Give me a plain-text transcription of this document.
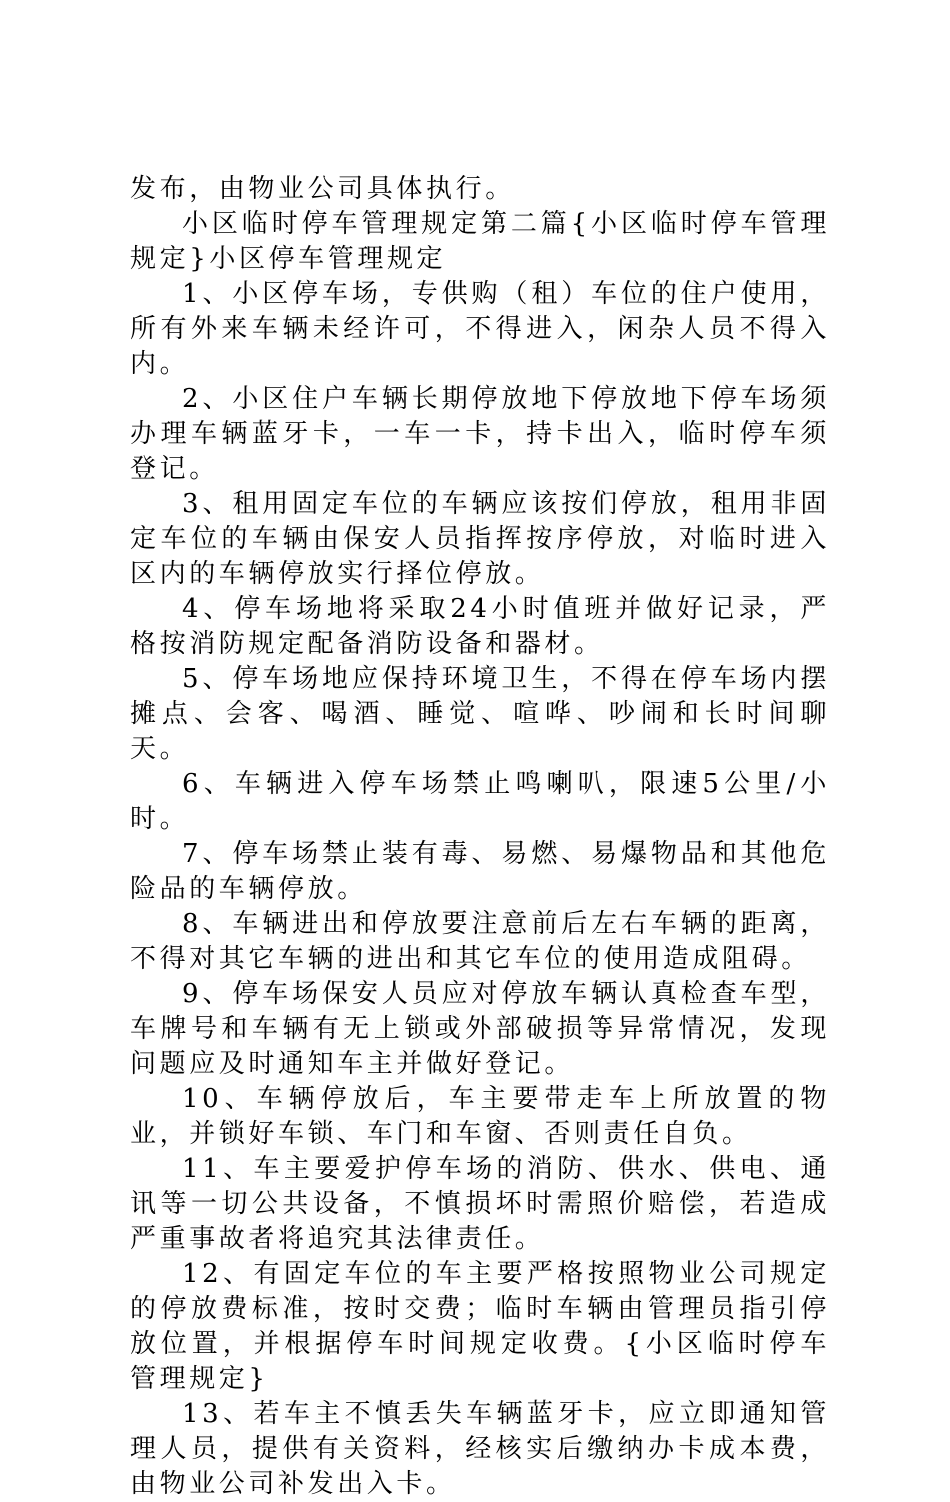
发布，由物业公司具体执行。

小区临时停车管理规定第二篇{小区临时停车管理规定}小区停车管理规定

1、小区停车场，专供购（租）车位的住户使用，所有外来车辆未经许可，不得进入，闲杂人员不得入内。

2、小区住户车辆长期停放地下停放地下停车场须办理车辆蓝牙卡，一车一卡，持卡出入，临时停车须登记。

3、租用固定车位的车辆应该按们停放，租用非固定车位的车辆由保安人员指挥按序停放，对临时进入区内的车辆停放实行择位停放。

4、停车场地将采取24小时值班并做好记录，严格按消防规定配备消防设备和器材。

5、停车场地应保持环境卫生，不得在停车场内摆摊点、会客、喝酒、睡觉、喧哗、吵闹和长时间聊天。

6、车辆进入停车场禁止鸣喇叭，限速5公里/小时。

7、停车场禁止装有毒、易燃、易爆物品和其他危险品的车辆停放。

8、车辆进出和停放要注意前后左右车辆的距离，不得对其它车辆的进出和其它车位的使用造成阻碍。

9、停车场保安人员应对停放车辆认真检查车型，车牌号和车辆有无上锁或外部破损等异常情况，发现问题应及时通知车主并做好登记。

10、车辆停放后，车主要带走车上所放置的物业，并锁好车锁、车门和车窗、否则责任自负。

11、车主要爱护停车场的消防、供水、供电、通讯等一切公共设备，不慎损坏时需照价赔偿，若造成严重事故者将追究其法律责任。

12、有固定车位的车主要严格按照物业公司规定的停放费标准，按时交费；临时车辆由管理员指引停放位置，并根据停车时间规定收费。{小区临时停车管理规定}

13、若车主不慎丢失车辆蓝牙卡，应立即通知管理人员，提供有关资料，经核实后缴纳办卡成本费，由物业公司补发出入卡。
